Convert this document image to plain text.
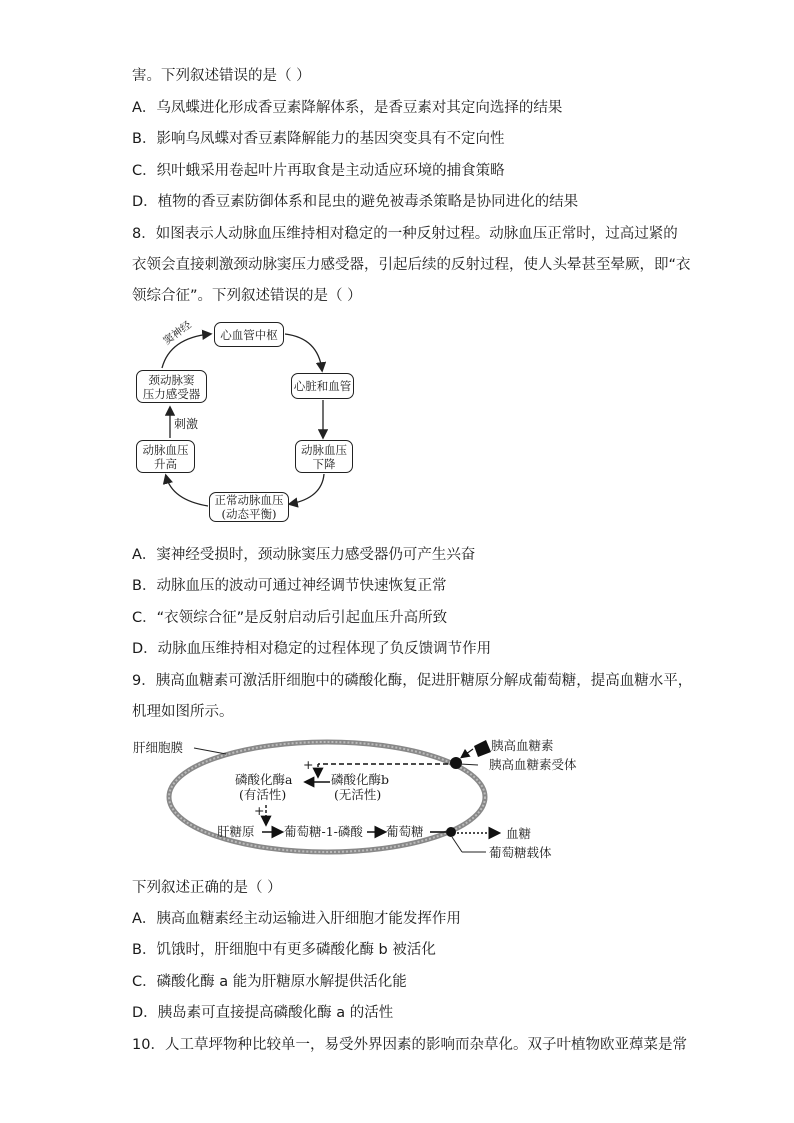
害。下列叙述错误的是（ ）
A．乌凤蝶进化形成香豆素降解体系，是香豆素对其定向选择的结果
B．影响乌凤蝶对香豆素降解能力的基因突变具有不定向性
C．织叶蛾采用卷起叶片再取食是主动适应环境的捕食策略
D．植物的香豆素防御体系和昆虫的避免被毒杀策略是协同进化的结果
8．如图表示人动脉血压维持相对稳定的一种反射过程。动脉血压正常时，过高过紧的
衣领会直接刺激颈动脉窦压力感受器，引起后续的反射过程，使人头晕甚至晕厥，即“衣
领综合征”。下列叙述错误的是（ ）
心血管中枢
心脏和血管
动脉血压
下降
正常动脉血压
(动态平衡)
动脉血压
升高
颈动脉窦
压力感受器
刺激
窦神经
A．窦神经受损时，颈动脉窦压力感受器仍可产生兴奋
B．动脉血压的波动可通过神经调节快速恢复正常
C．“衣领综合征”是反射启动后引起血压升高所致
D．动脉血压维持相对稳定的过程体现了负反馈调节作用
9．胰高血糖素可激活肝细胞中的磷酸化酶，促进肝糖原分解成葡萄糖，提高血糖水平，
机理如图所示。
肝细胞膜	胰高血糖素
胰高血糖素受体
+
磷酸化酶a
(有活性)
磷酸化酶b
(无活性)
+
肝糖原 葡萄糖-1-磷酸 葡萄糖	血糖
葡萄糖载体
下列叙述正确的是（ ）
A．胰高血糖素经主动运输进入肝细胞才能发挥作用
B．饥饿时，肝细胞中有更多磷酸化酶 b 被活化
C．磷酸化酶 a 能为肝糖原水解提供活化能
D．胰岛素可直接提高磷酸化酶 a 的活性
10．人工草坪物种比较单一，易受外界因素的影响而杂草化。双子叶植物欧亚蔊菜是常
